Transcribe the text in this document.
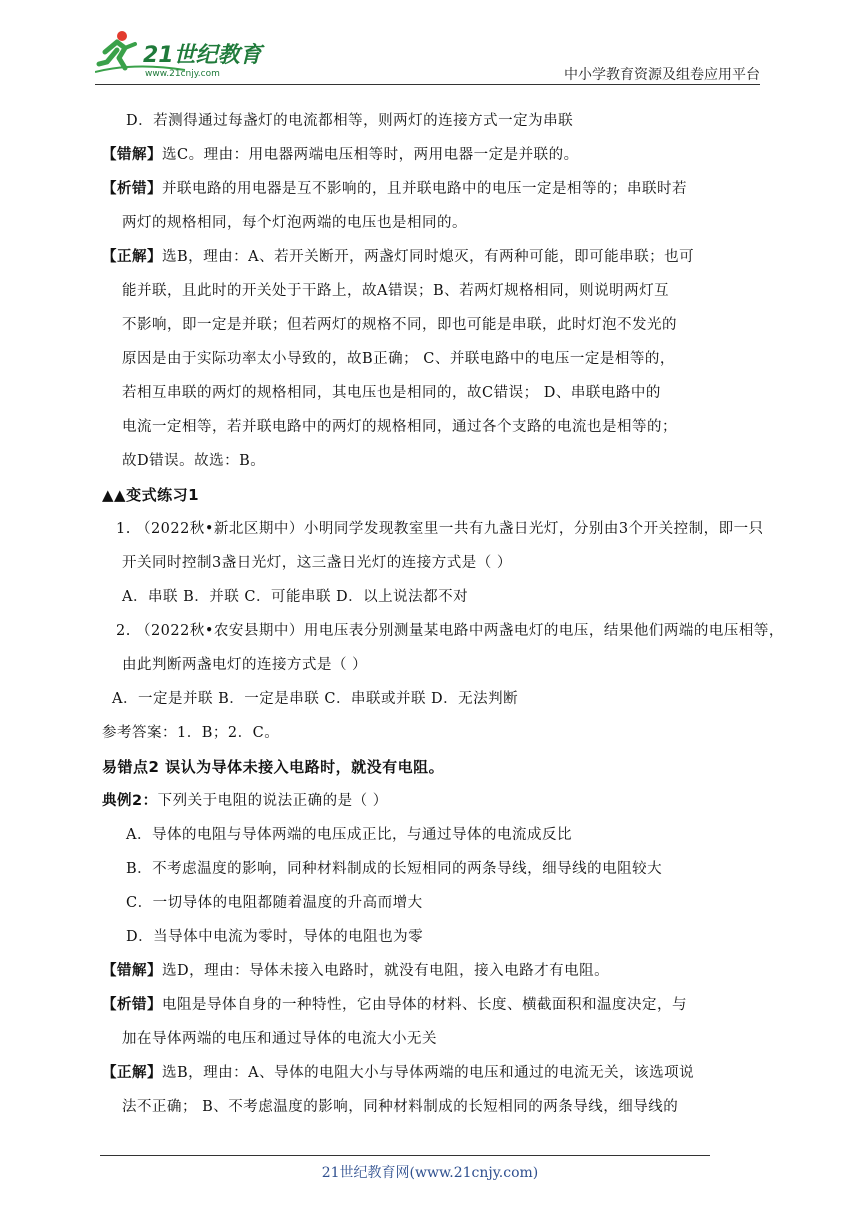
21世纪教育
www.21cnjy.com	中小学教育资源及组卷应用平台
D．若测得通过每盏灯的电流都相等，则两灯的连接方式一定为串联
【错解】选C。理由：用电器两端电压相等时，两用电器一定是并联的。
【析错】并联电路的用电器是互不影响的，且并联电路中的电压一定是相等的；串联时若
两灯的规格相同，每个灯泡两端的电压也是相同的。
【正解】选B，理由：A、若开关断开，两盏灯同时熄灭，有两种可能，即可能串联；也可
能并联，且此时的开关处于干路上，故A错误；B、若两灯规格相同，则说明两灯互
不影响，即一定是并联；但若两灯的规格不同，即也可能是串联，此时灯泡不发光的
原因是由于实际功率太小导致的，故B正确； C、并联电路中的电压一定是相等的，
若相互串联的两灯的规格相同，其电压也是相同的，故C错误； D、串联电路中的
电流一定相等，若并联电路中的两灯的规格相同，通过各个支路的电流也是相等的；
故D错误。故选：B。
▲▲变式练习1
1. （2022秋•新北区期中）小明同学发现教室里一共有九盏日光灯，分别由3个开关控制，即一只
开关同时控制3盏日光灯，这三盏日光灯的连接方式是（ ）
A．串联 B．并联 C．可能串联 D．以上说法都不对
2. （2022秋•农安县期中）用电压表分别测量某电路中两盏电灯的电压，结果他们两端的电压相等，
由此判断两盏电灯的连接方式是（ ）
A．一定是并联 B．一定是串联 C．串联或并联 D．无法判断
参考答案：1．B；2．C。
易错点2 误认为导体未接入电路时，就没有电阻。
典例2：下列关于电阻的说法正确的是（ ）
A．导体的电阻与导体两端的电压成正比，与通过导体的电流成反比
B．不考虑温度的影响，同种材料制成的长短相同的两条导线，细导线的电阻较大
C．一切导体的电阻都随着温度的升高而增大
D．当导体中电流为零时，导体的电阻也为零
【错解】选D，理由：导体未接入电路时，就没有电阻，接入电路才有电阻。
【析错】电阻是导体自身的一种特性，它由导体的材料、长度、横截面积和温度决定，与
加在导体两端的电压和通过导体的电流大小无关
【正解】选B，理由：A、导体的电阻大小与导体两端的电压和通过的电流无关，该选项说
法不正确； B、不考虑温度的影响，同种材料制成的长短相同的两条导线，细导线的
21世纪教育网(www.21cnjy.com)
